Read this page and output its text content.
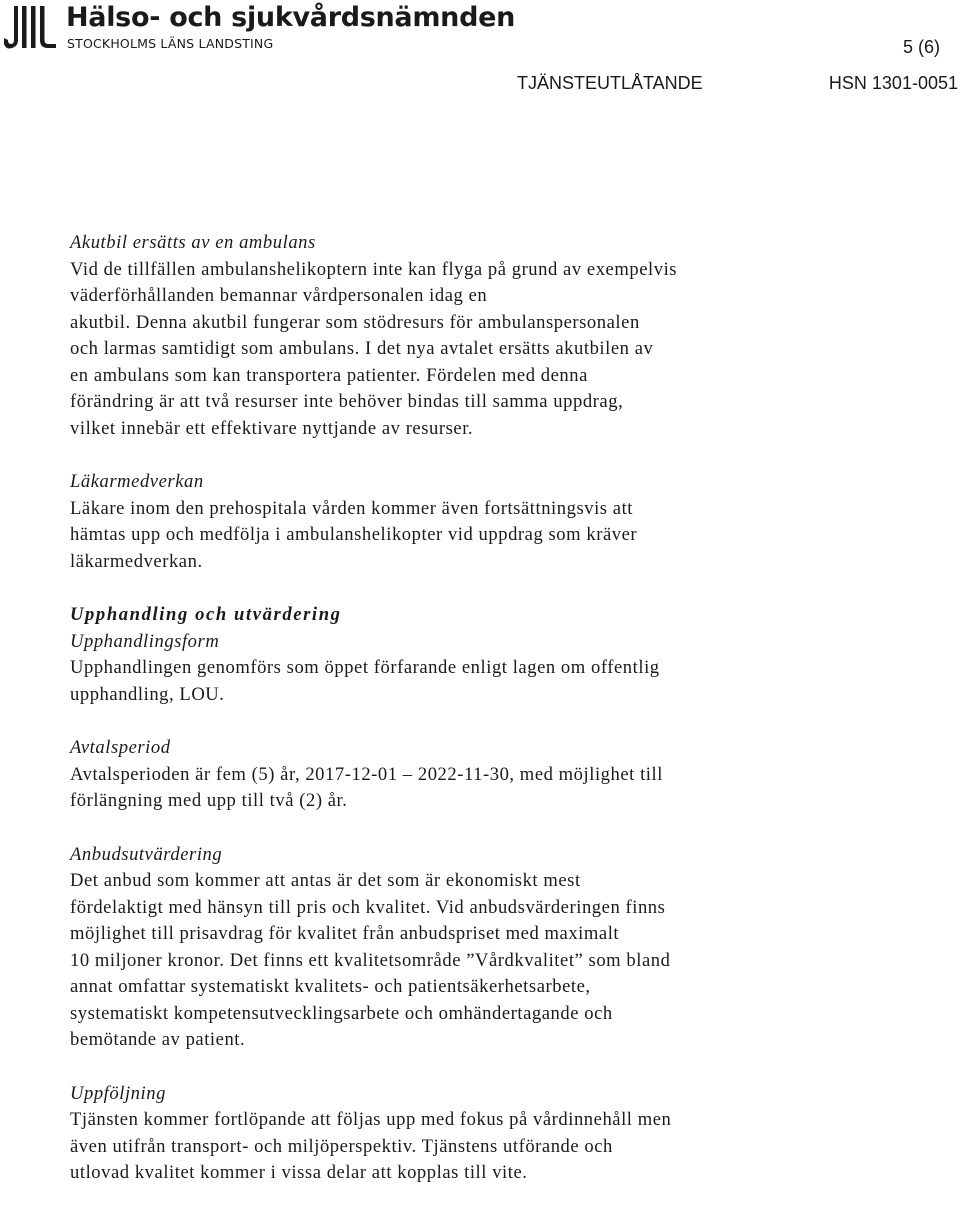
Hälso- och sjukvårdsnämnden
STOCKHOLMS LÄNS LANDSTING	5 (6)
TJÄNSTEUTLÅTANDE	HSN 1301-0051

Akutbil ersätts av en ambulans

Vid de tillfällen ambulanshelikoptern inte kan flyga på grund av exempelvis

väderförhållanden bemannar vårdpersonalen idag en

akutbil. Denna akutbil fungerar som stödresurs för ambulanspersonalen

och larmas samtidigt som ambulans. I det nya avtalet ersätts akutbilen av

en ambulans som kan transportera patienter. Fördelen med denna

förändring är att två resurser inte behöver bindas till samma uppdrag,

vilket innebär ett effektivare nyttjande av resurser.

Läkarmedverkan

Läkare inom den prehospitala vården kommer även fortsättningsvis att

hämtas upp och medfölja i ambulanshelikopter vid uppdrag som kräver

läkarmedverkan.

Upphandling och utvärdering

Upphandlingsform

Upphandlingen genomförs som öppet förfarande enligt lagen om offentlig

upphandling, LOU.

Avtalsperiod

Avtalsperioden är fem (5) år, 2017-12-01 – 2022-11-30, med möjlighet till

förlängning med upp till två (2) år.

Anbudsutvärdering

Det anbud som kommer att antas är det som är ekonomiskt mest

fördelaktigt med hänsyn till pris och kvalitet. Vid anbudsvärderingen finns

möjlighet till prisavdrag för kvalitet från anbudspriset med maximalt

10 miljoner kronor. Det finns ett kvalitetsområde ”Vårdkvalitet” som bland

annat omfattar systematiskt kvalitets- och patientsäkerhetsarbete,

systematiskt kompetensutvecklingsarbete och omhändertagande och

bemötande av patient.

Uppföljning

Tjänsten kommer fortlöpande att följas upp med fokus på vårdinnehåll men

även utifrån transport- och miljöperspektiv. Tjänstens utförande och

utlovad kvalitet kommer i vissa delar att kopplas till vite.
